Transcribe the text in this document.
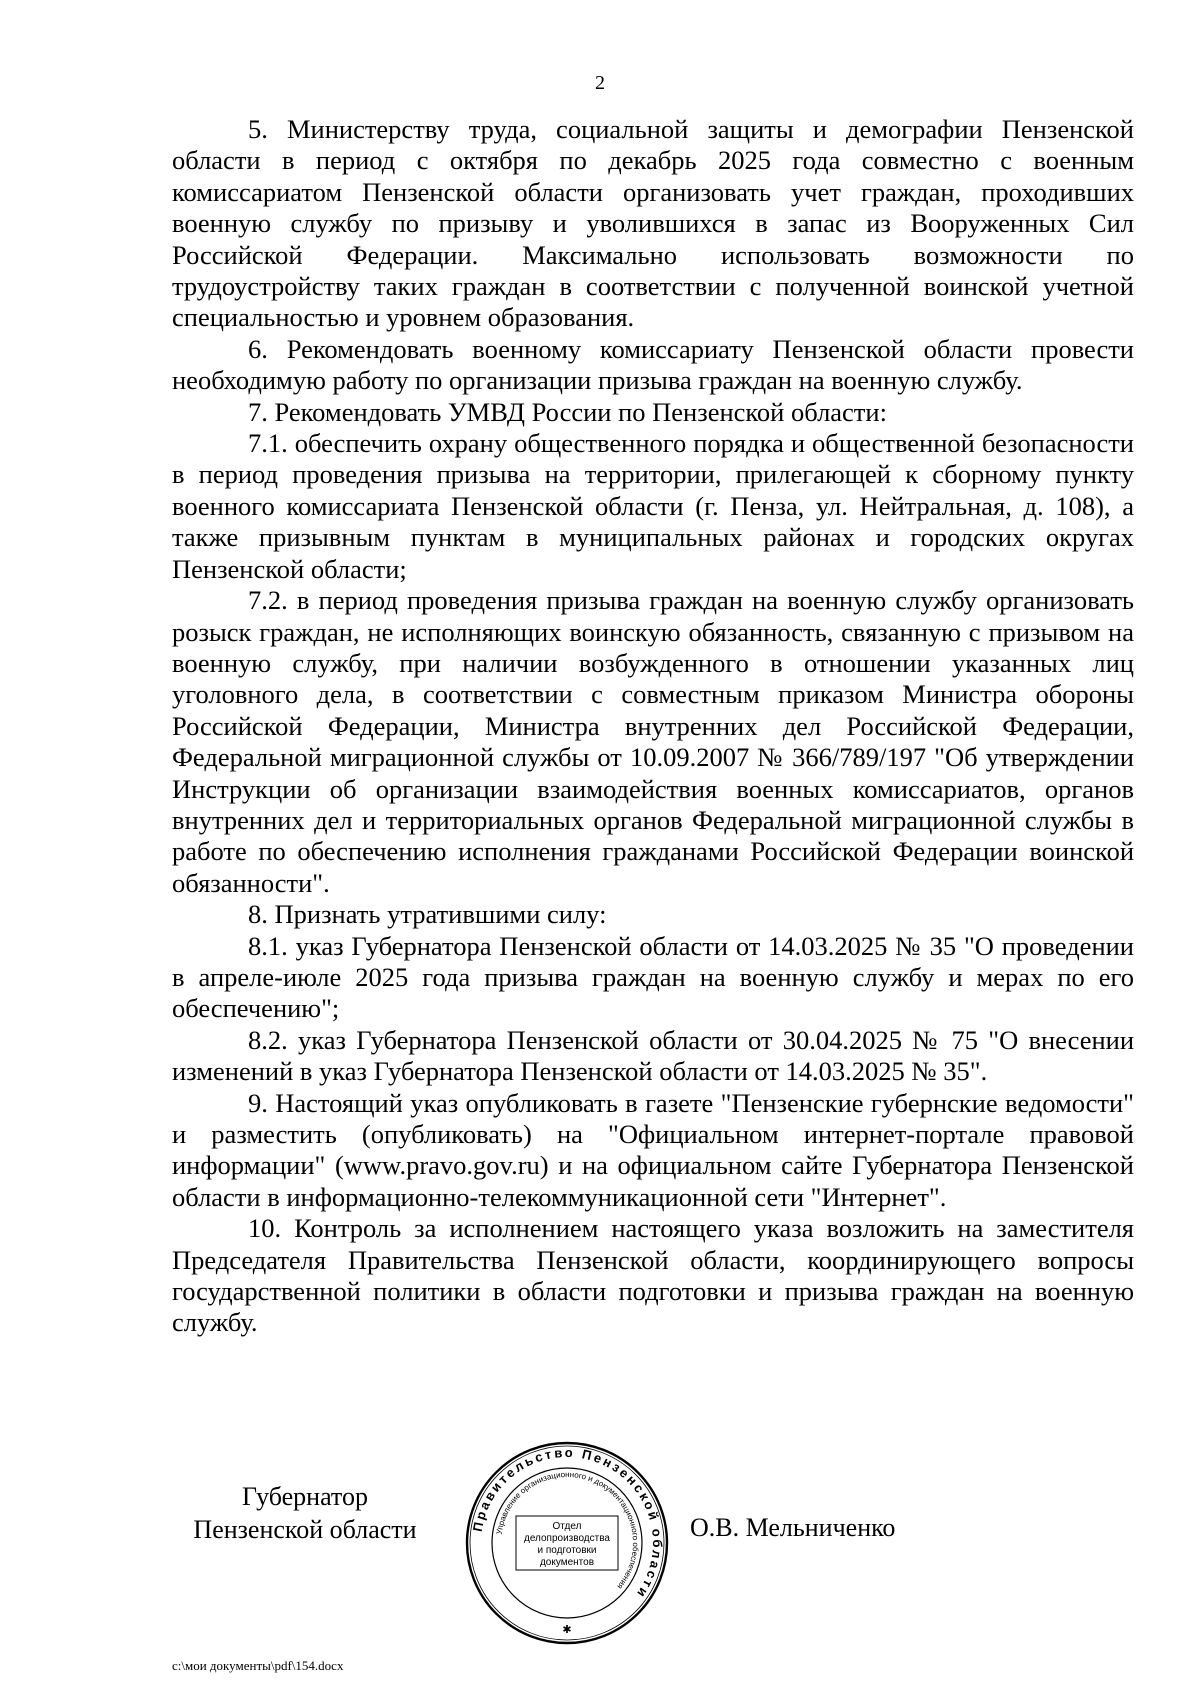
2

5. Министерству труда, социальной защиты и демографии Пензенской области в период с октября по декабрь 2025 года совместно с военным комиссариатом Пензенской области организовать учет граждан, проходивших военную службу по призыву и уволившихся в запас из Вооруженных Сил Российской Федерации. Максимально использовать возможности по трудоустройству таких граждан в соответствии с полученной воинской учетной специальностью и уровнем образования.

6. Рекомендовать военному комиссариату Пензенской области провести необходимую работу по организации призыва граждан на военную службу.

7. Рекомендовать УМВД России по Пензенской области:

7.1. обеспечить охрану общественного порядка и общественной безопасности в период проведения призыва на территории, прилегающей к сборному пункту военного комиссариата Пензенской области (г. Пенза, ул. Нейтральная, д. 108), а также призывным пунктам в муниципальных районах и городских округах Пензенской области;

7.2. в период проведения призыва граждан на военную службу организовать розыск граждан, не исполняющих воинскую обязанность, связанную с призывом на военную службу, при наличии возбужденного в отношении указанных лиц уголовного дела, в соответствии с совместным приказом Министра обороны Российской Федерации, Министра внутренних дел Российской Федерации, Федеральной миграционной службы от 10.09.2007 № 366/789/197 "Об утверждении Инструкции об организации взаимодействия военных комиссариатов, органов внутренних дел и территориальных органов Федеральной миграционной службы в работе по обеспечению исполнения гражданами Российской Федерации воинской обязанности".

8. Признать утратившими силу:

8.1. указ Губернатора Пензенской области от 14.03.2025 № 35 "О проведении в апреле-июле 2025 года призыва граждан на военную службу и мерах по его обеспечению";

8.2. указ Губернатора Пензенской области от 30.04.2025 № 75 "О внесении изменений в указ Губернатора Пензенской области от 14.03.2025 № 35".

9. Настоящий указ опубликовать в газете "Пензенские губернские ведомости" и разместить (опубликовать) на "Официальном интернет-портале правовой информации" (www.pravo.gov.ru) и на официальном сайте Губернатора Пензенской области в информационно-телекоммуникационной сети "Интернет".

10. Контроль за исполнением настоящего указа возложить на заместителя Председателя Правительства Пензенской области, координирующего вопросы государственной политики в области подготовки и призыва граждан на военную службу.

Губернатор
Пензенской области	Правительство Пензенской области
Управление организационного и документационного обеспечения
Отдел
делопроизводства
и подготовки
документов
✱
О.В. Мельниченко
c:\мои документы\pdf\154.docx
